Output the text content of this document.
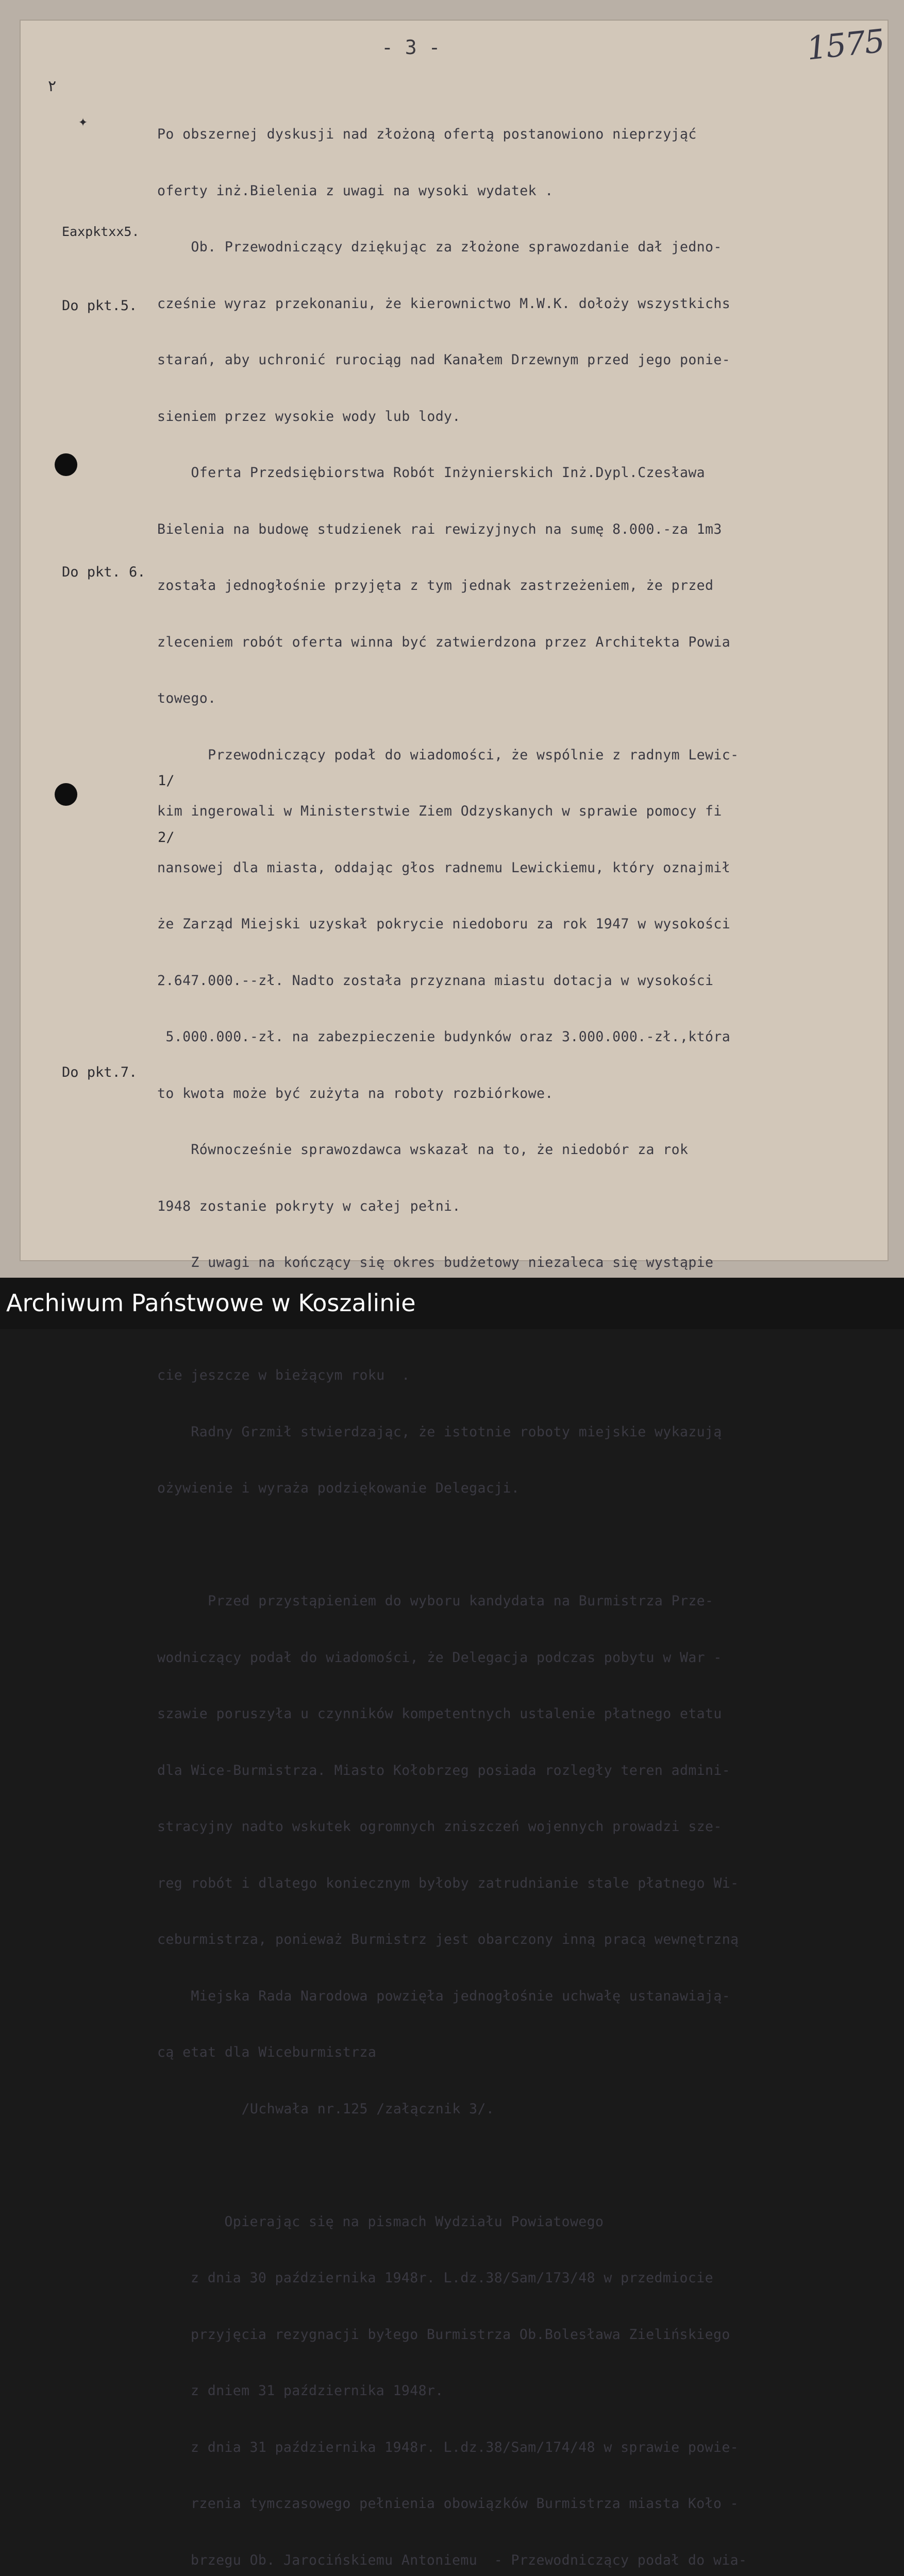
- 3 -	1575
٢
✦
Eaxpktxx5.
Do pkt.5.
Do pkt. 6.
1/
2/
Do pkt.7.

Po obszernej dyskusji nad złożoną ofertą postanowiono nieprzyjąć

oferty inż.Bielenia z uwagi na wysoki wydatek .

Ob. Przewodniczący dziękując za złożone sprawozdanie dał jedno-

cześnie wyraz przekonaniu, że kierownictwo M.W.K. dołoży wszystkichs

starań, aby uchronić rurociąg nad Kanałem Drzewnym przed jego ponie-

sieniem przez wysokie wody lub lody.

Oferta Przedsiębiorstwa Robót Inżynierskich Inż.Dypl.Czesława

Bieleniа na budowę studzienek rai rewizyjnych na sumę 8.000.-za 1m3

została jednogłośnie przyjęta z tym jednak zastrzeżeniem, że przed

zleceniem robót oferta winna być zatwierdzona przez Architekta Powia

towego.

Przewodniczący podał do wiadomości, że wspólnie z radnym Lewic-

kim ingerowali w Ministerstwie Ziem Odzyskanych w sprawie pomocy fi

nansowej dla miasta, oddając głos radnemu Lewickiemu, który oznajmił

że Zarząd Miejski uzyskał pokrycie niedoboru za rok 1947 w wysokości

2.647.000.--zł. Nadto została przyznana miastu dotacja w wysokości

5.000.000.-zł. na zabezpieczenie budynków oraz 3.000.000.-zł.,która

to kwota może być zużyta na roboty rozbiórkowe.

Równocześnie sprawozdawca wskazał na to, że niedobór za rok

1948 zostanie pokryty w całej pełni.

Z uwagi na kończący się okres budżetowy niezaleca się wystąpie

cie jeszcze w bieżącym roku  .

Radny Grzmił stwierdzając, że istotnie roboty miejskie wykazują

ożywienie i wyraża podziękowanie Delegacji.

Przed przystąpieniem do wyboru kandydata na Burmistrza Prze-

wodniczący podał do wiadomości, że Delegacja podczas pobytu w War -

szawie poruszyła u czynników kompetentnych ustalenie płatnego etatu

dla Wice-Burmistrza. Miasto Kołobrzeg posiada rozległy teren admini-

stracyjny nadto wskutek ogromnych zniszczeń wojennych prowadzi sze-

reg robót i dlatego koniecznym byłoby zatrudnianie stale płatnego Wi-

ceburmistrza, ponieważ Burmistrz jest obarczony inną pracą wewnętrzną

Miejska Rada Narodowa powzięła jednogłośnie uchwałę ustanawiają-

cą etat dla Wiceburmistrza

/Uchwała nr.125 /załącznik 3/.

Opierając się na pismach Wydziału Powiatowego

z dnia 30 października 1948r. L.dz.38/Sam/173/48 w przedmiocie

przyjęcia rezygnacji byłego Burmistrza Ob.Bolesława Zielińskiego

z dniem 31 października 1948r.

z dnia 31 października 1948r. L.dz.38/Sam/174/48 w sprawie powie-

rzenia tymczasowego pełnienia obowiązków Burmistrza miasta Koło -

brzegu Ob. Jarocińskiemu Antoniemu  - Przewodniczący podał do wia-

Archiwum Państwowe w Koszalinie
